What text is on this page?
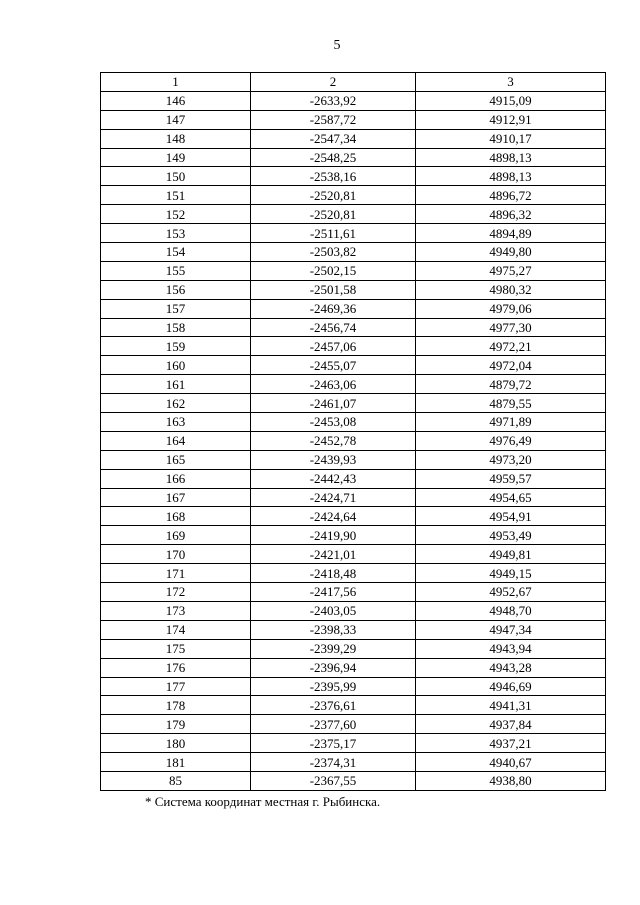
5
1	2	3
146	-2633,92	4915,09
147	-2587,72	4912,91
148	-2547,34	4910,17
149	-2548,25	4898,13
150	-2538,16	4898,13
151	-2520,81	4896,72
152	-2520,81	4896,32
153	-2511,61	4894,89
154	-2503,82	4949,80
155	-2502,15	4975,27
156	-2501,58	4980,32
157	-2469,36	4979,06
158	-2456,74	4977,30
159	-2457,06	4972,21
160	-2455,07	4972,04
161	-2463,06	4879,72
162	-2461,07	4879,55
163	-2453,08	4971,89
164	-2452,78	4976,49
165	-2439,93	4973,20
166	-2442,43	4959,57
167	-2424,71	4954,65
168	-2424,64	4954,91
169	-2419,90	4953,49
170	-2421,01	4949,81
171	-2418,48	4949,15
172	-2417,56	4952,67
173	-2403,05	4948,70
174	-2398,33	4947,34
175	-2399,29	4943,94
176	-2396,94	4943,28
177	-2395,99	4946,69
178	-2376,61	4941,31
179	-2377,60	4937,84
180	-2375,17	4937,21
181	-2374,31	4940,67
85	-2367,55	4938,80
* Система координат местная г. Рыбинска.
